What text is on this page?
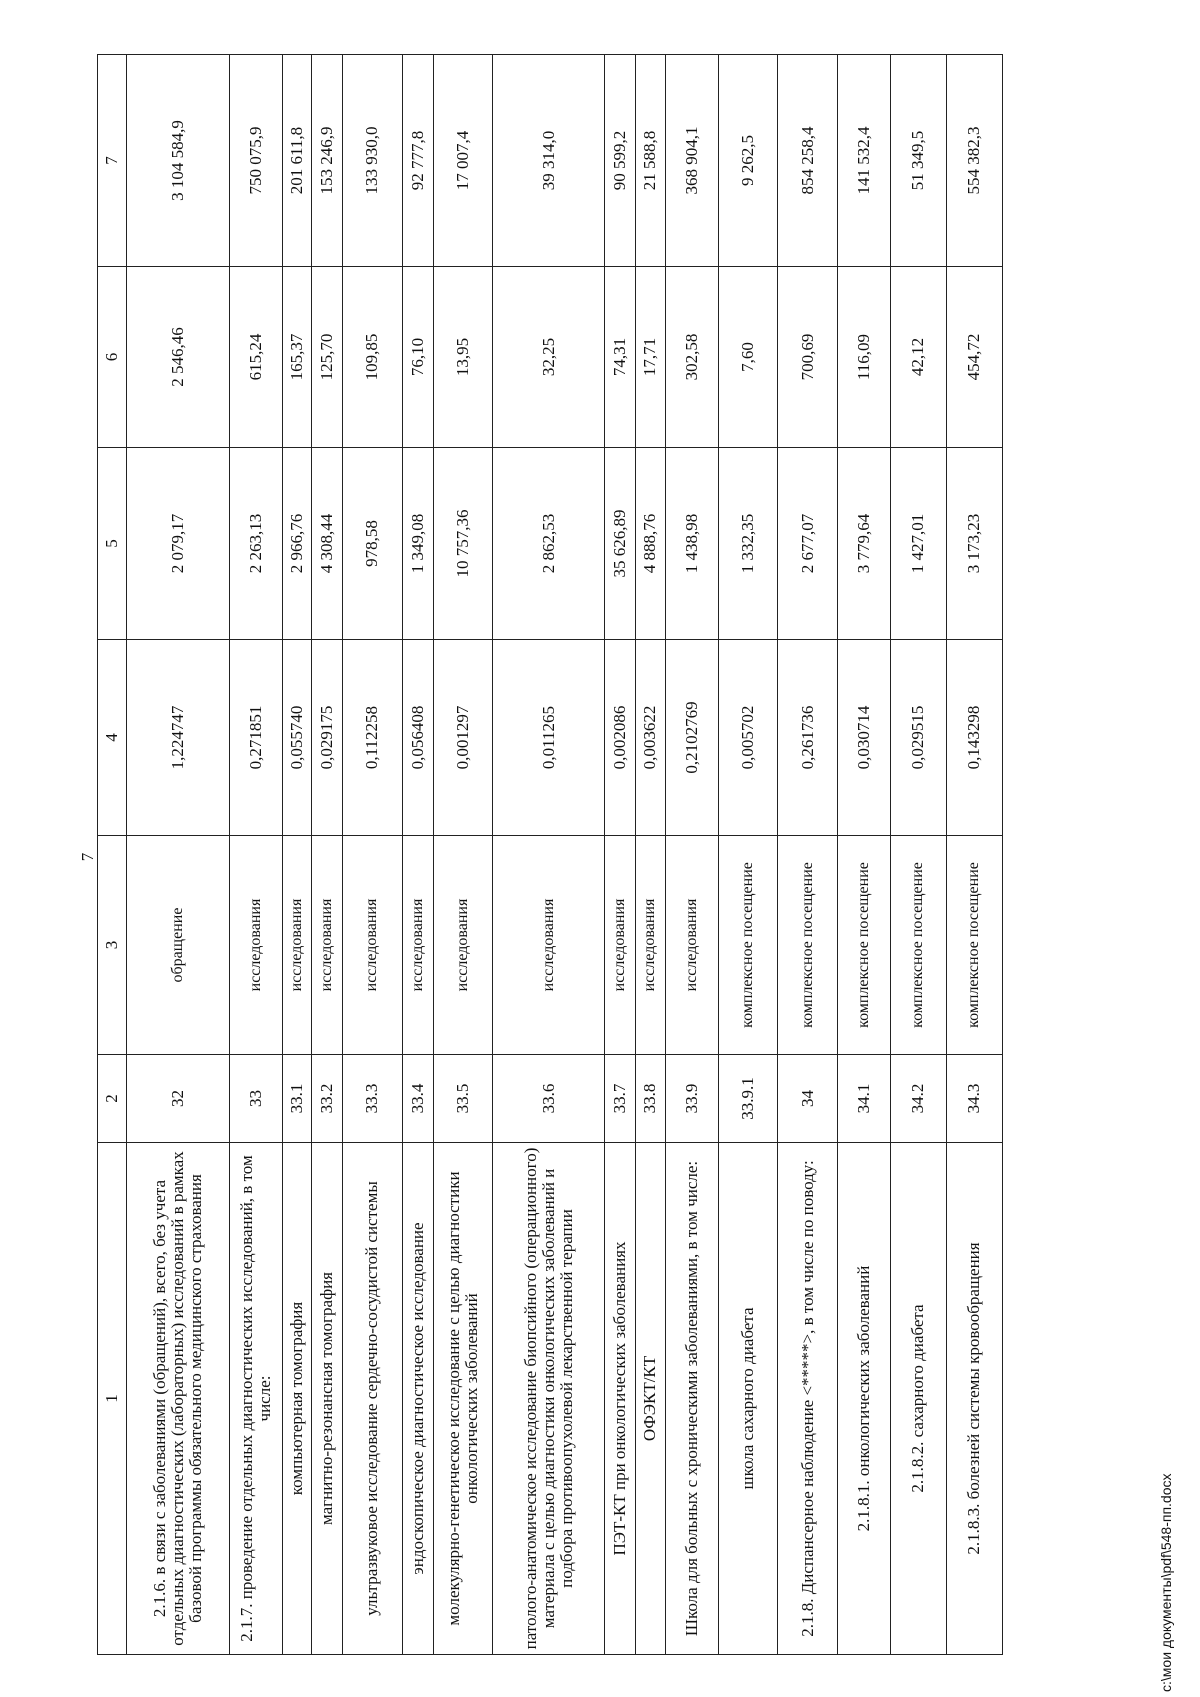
7
1	2	3	4	5	6	7
2.1.6. в связи с заболеваниями (обращений), всего, без учета отдельных диагностических (лабораторных) исследований в рамках базовой программы обязательного медицинского страхования	32	обращение	1,224747	2 079,17	2 546,46	3 104 584,9
2.1.7. проведение отдельных диагностических исследований, в том числе:	33	исследования	0,271851	2 263,13	615,24	750 075,9
компьютерная томография	33.1	исследования	0,055740	2 966,76	165,37	201 611,8
магнитно-резонансная томография	33.2	исследования	0,029175	4 308,44	125,70	153 246,9
ультразвуковое исследование сердечно-сосудистой системы	33.3	исследования	0,112258	978,58	109,85	133 930,0
эндоскопическое диагностическое исследование	33.4	исследования	0,056408	1 349,08	76,10	92 777,8
молекулярно-генетическое исследование с целью диагностики онкологических заболеваний	33.5	исследования	0,001297	10 757,36	13,95	17 007,4
патолого-анатомическое исследование биопсийного (операционного) материала с целью диагностики онкологических заболеваний и подбора противоопухолевой лекарственной терапии	33.6	исследования	0,011265	2 862,53	32,25	39 314,0
ПЭТ-КТ при онкологических заболеваниях	33.7	исследования	0,002086	35 626,89	74,31	90 599,2
ОФЭКТ/КТ	33.8	исследования	0,003622	4 888,76	17,71	21 588,8
Школа для больных с хроническими заболеваниями, в том числе:	33.9	исследования	0,2102769	1 438,98	302,58	368 904,1
школа сахарного диабета	33.9.1	комплексное посещение	0,005702	1 332,35	7,60	9 262,5
2.1.8. Диспансерное наблюдение <*****>, в том числе по поводу:	34	комплексное посещение	0,261736	2 677,07	700,69	854 258,4
2.1.8.1. онкологических заболеваний	34.1	комплексное посещение	0,030714	3 779,64	116,09	141 532,4
2.1.8.2. сахарного диабета	34.2	комплексное посещение	0,029515	1 427,01	42,12	51 349,5
2.1.8.3. болезней системы кровообращения	34.3	комплексное посещение	0,143298	3 173,23	454,72	554 382,3
c:\мои документы\pdf\548-пп.docx
